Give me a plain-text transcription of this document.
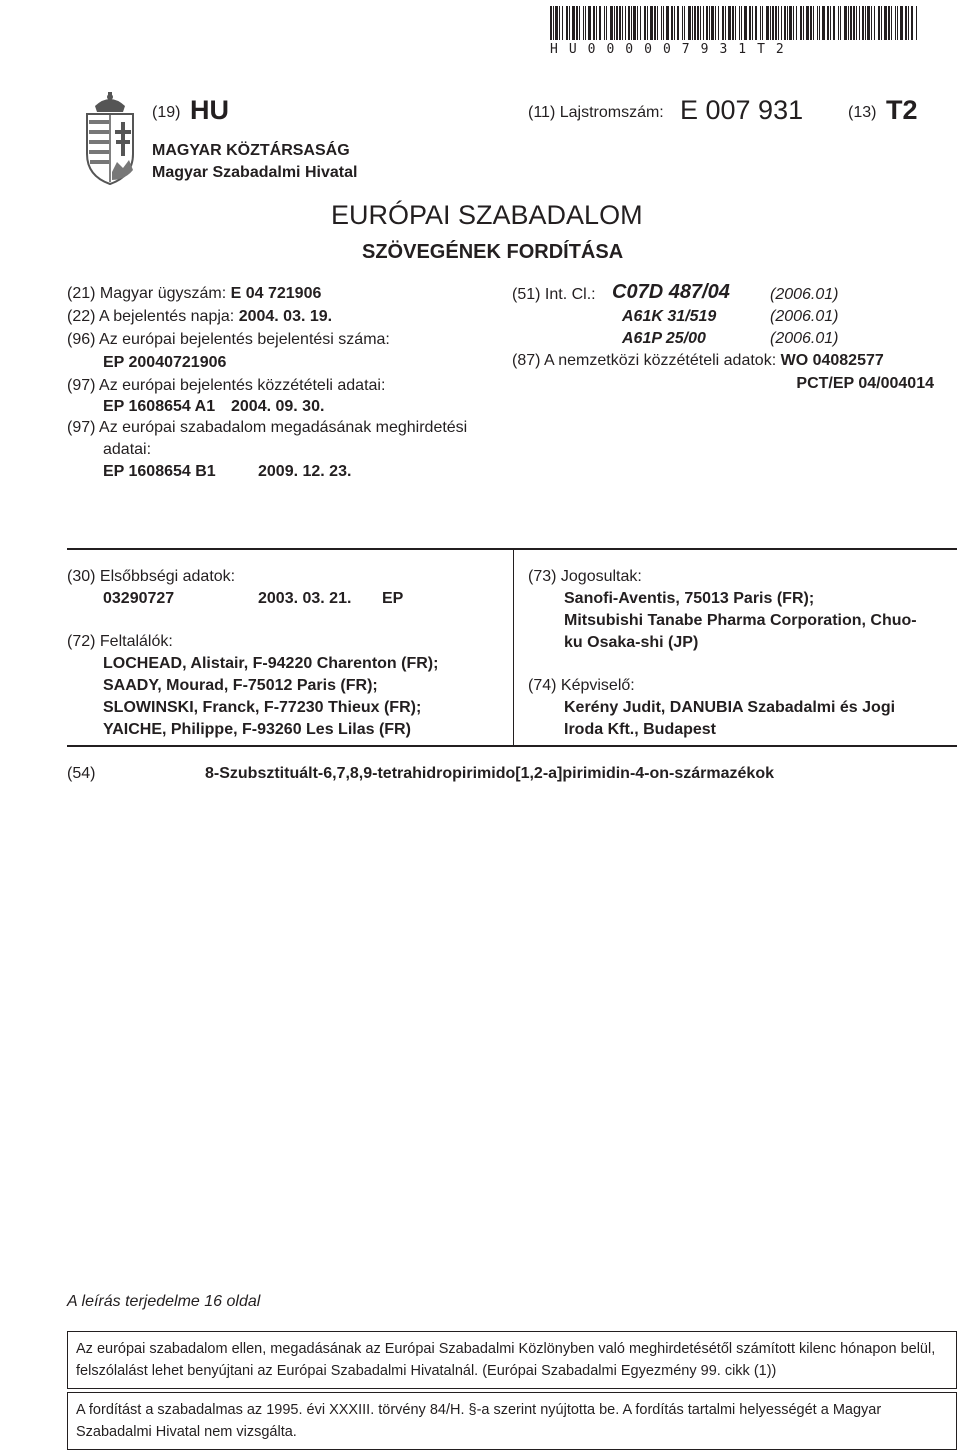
HU000007931T2
(19) HU	(11) Lajstromszám: E 007 931	(13) T2
MAGYAR KÖZTÁRSASÁG
Magyar Szabadalmi Hivatal
EURÓPAI SZABADALOM
SZÖVEGÉNEK FORDÍTÁSA
(21) Magyar ügyszám: E 04 721906
(22) A bejelentés napja: 2004. 03. 19.
(96) Az európai bejelentés bejelentési száma:
EP 20040721906
(97) Az európai bejelentés közzétételi adatai:
EP 1608654 A1 2004. 09. 30.
(97) Az európai szabadalom megadásának meghirdetési
adatai:
EP 1608654 B1	2009. 12. 23.
(51) Int. Cl.: C07D 487/04	(2006.01)
A61K 31/519	(2006.01)
A61P 25/00	(2006.01)
(87) A nemzetközi közzétételi adatok: WO 04082577
PCT/EP 04/004014
(30) Elsőbbségi adatok:
03290727	2003. 03. 21. EP
(72) Feltalálók:
LOCHEAD, Alistair, F-94220 Charenton (FR);
SAADY, Mourad, F-75012 Paris (FR);
SLOWINSKI, Franck, F-77230 Thieux (FR);
YAICHE, Philippe, F-93260 Les Lilas (FR)
(73) Jogosultak:
Sanofi-Aventis, 75013 Paris (FR);
Mitsubishi Tanabe Pharma Corporation, Chuo-
ku Osaka-shi (JP)
(74) Képviselő:
Kerény Judit, DANUBIA Szabadalmi és Jogi
Iroda Kft., Budapest
(54)	8-Szubsztituált-6,7,8,9-tetrahidropirimido[1,2-a]pirimidin-4-on-származékok
A leírás terjedelme 16 oldal
Az európai szabadalom ellen, megadásának az Európai Szabadalmi Közlönyben való meghirdetésétől számított kilenc hónapon belül, felszólalást lehet benyújtani az Európai Szabadalmi Hivatalnál. (Európai Szabadalmi Egyezmény 99. cikk (1))
A fordítást a szabadalmas az 1995. évi XXXIII. törvény 84/H. §-a szerint nyújtotta be. A fordítás tartalmi helyességét a Magyar Szabadalmi Hivatal nem vizsgálta.
